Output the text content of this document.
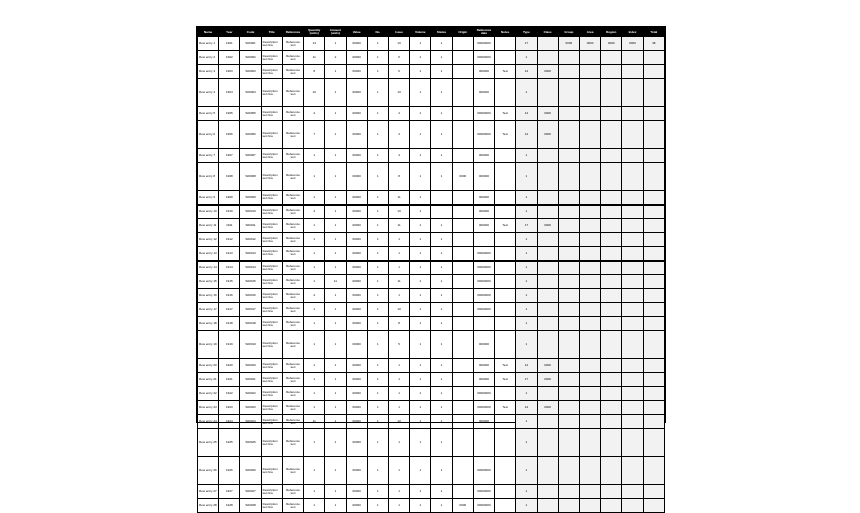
Name	Year	Code	Title	Reference	Quantity (units)	Amount (units)	Value	No.	Issue	Volume	Status	Origin	Reference date	Notes	Type	Class	Group	Area	Region	Index	Total
Row entry 1	1901	S00001	Description text line	Reference text	13	1	00000	1	10	1	1		00000000		17		0000	0000	0000	0000	48
Row entry 2	1902	S00002	Description text line	Reference text	11	2	00000	1	5	1	1		00000000		1						
Row entry 3	1903	S00003	Description text line	Reference text	8	1	00000	1	6	1	1		000000	Text	14	0000					
Row entry 4	1904	S00004	Description text line	Reference text	10	1	00000	1	10	1	1		000000		1						
Row entry 5	1905	S00005	Description text line	Reference text	4	1	00000	1	4	1	1		00000000	Text	14	0000					
Row entry 6	1906	S00006	Description text line	Reference text	7	1	00000	1	4	1	1		00000000	Text	14	0000					
Row entry 7	1907	S00007	Description text line	Reference text	1	1	00000	1	4	1	1		000000		1						
Row entry 8	1908	S00008	Description text line	Reference text	1	1	00000	1	8	1	1	0000	000000		1						
Row entry 9	1909	S00009	Description text line	Reference text	1	1	00000	1	11	1			000000		1						
Row entry 10	1910	S00010	Description text line	Reference text	4	1	00000	1	10	1			000000		1						
Row entry 11	1911	S00011	Description text line	Reference text	1	1	00000	1	11	1	1		000000	Text	17	0000					
Row entry 12	1912	S00012	Description text line	Reference text	1	1	00000	1	1	1	1				1						
Row entry 13	1913	S00013	Description text line	Reference text	1	1	00000	1	1	1	1		00000000		1						
Row entry 14	1914	S00014	Description text line	Reference text	1	1	00000	1	1	1	1		00000000		1						
Row entry 15	1915	S00015	Description text line	Reference text	1	11	00000	1	11	1	1		00000000		1						
Row entry 16	1916	S00016	Description text line	Reference text	4	1	00000	1	1	1	1		00000000		1						
Row entry 17	1917	S00017	Description text line	Reference text	1	1	00000	1	10	1	1		00000000		1						
Row entry 18	1918	S00018	Description text line	Reference text	1	1	00000	1	8	1	1				1						
Row entry 19	1919	S00019	Description text line	Reference text	1	1	00000	1	5	1	1		000000		1						
Row entry 20	1920	S00020	Description text line	Reference text	1	1	00000	1	1	1	1		000000	Text	14	0000					
Row entry 21	1921	S00021	Description text line	Reference text	1	1	00000	1	1	1	1		000000	Text	17	0000					
Row entry 22	1922	S00022	Description text line	Reference text	1	1	00000	1	1	1	1		00000000		1						
Row entry 23	1923	S00023	Description text line	Reference text	1	1	00000	1	1	1	1		00000000	Text	14	0000					
Row entry 24	1924	S00024	Description text line	Reference text	11	1	00000	1	10	1	1		000000		1						
Row entry 25	1925	S00025	Description text line	Reference text	1	1	00000	1	1	1	1				1						
Row entry 26	1926	S00026	Description text line	Reference text	1	1	00000	1	1	1	1		00000000		1						
Row entry 27	1927	S00027	Description text line	Reference text	1	1	00000	1	1	1	1		00000000		1						
Row entry 28	1928	S00028	Description text line	Reference text	1	1	00000	1	1	1	1	0000	00000000		1						
